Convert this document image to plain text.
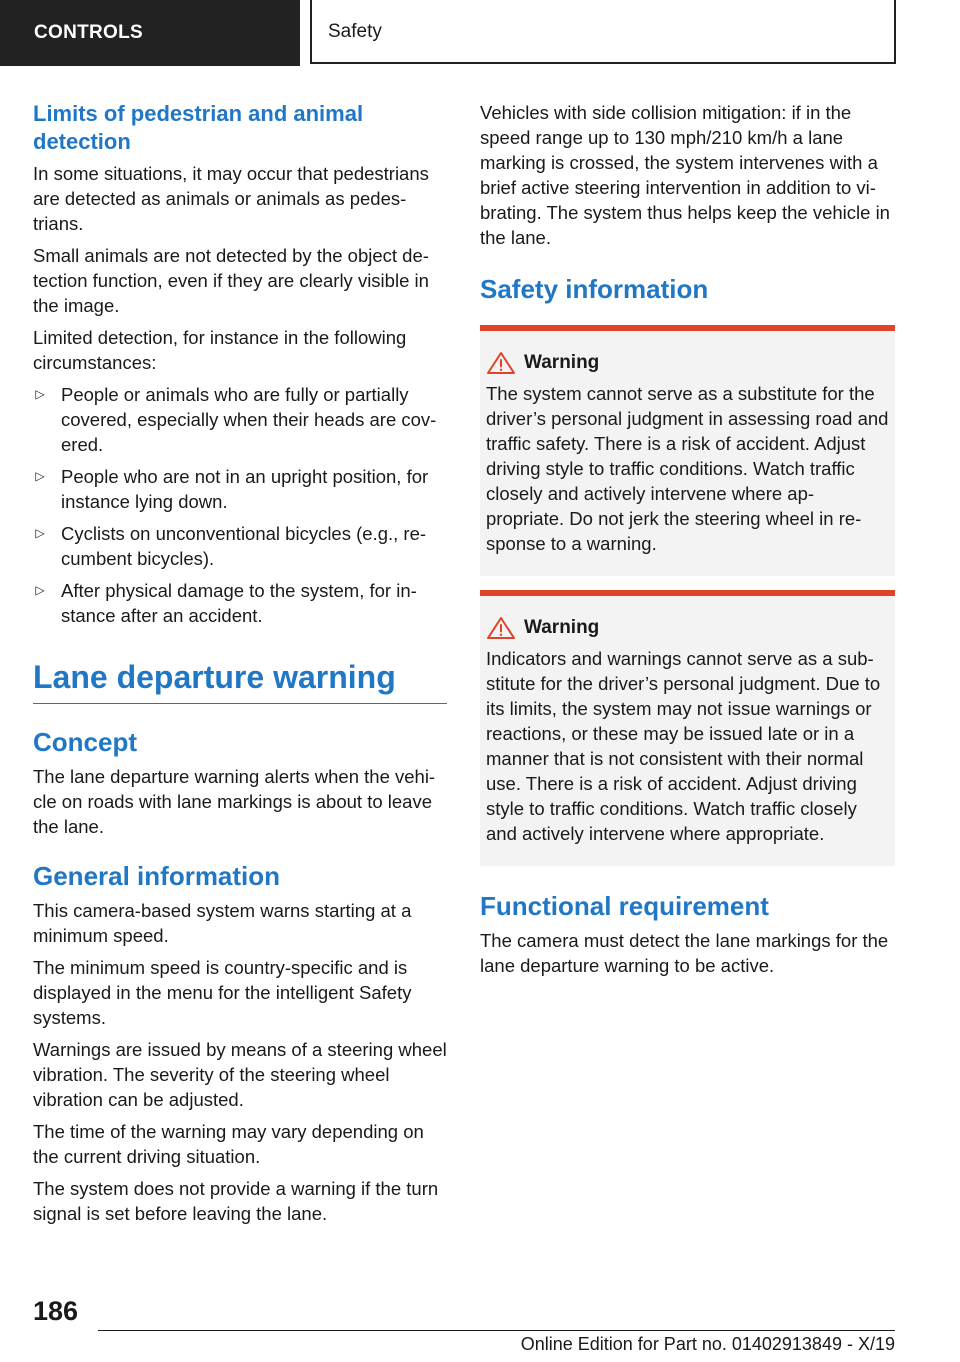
CONTROLS	Safety
Limits of pedestrian and animal detection

In some situations, it may occur that pedestrians are detected as animals or animals as pedes‐trians.

Small animals are not detected by the object de‐tection function, even if they are clearly visible in the image.

Limited detection, for instance in the following circumstances:

▷ People or animals who are fully or partially covered, especially when their heads are cov‐ered.
▷ People who are not in an upright position, for instance lying down.
▷ Cyclists on unconventional bicycles (e.g., re‐cumbent bicycles).
▷ After physical damage to the system, for in‐stance after an accident.
Lane departure warning
Concept

The lane departure warning alerts when the vehi‐cle on roads with lane markings is about to leave the lane.

General information

This camera-based system warns starting at a minimum speed.

The minimum speed is country-specific and is displayed in the menu for the intelligent Safety systems.

Warnings are issued by means of a steering wheel vibration. The severity of the steering wheel vibration can be adjusted.

The time of the warning may vary depending on the current driving situation.

The system does not provide a warning if the turn signal is set before leaving the lane.

Vehicles with side collision mitigation: if in the speed range up to 130 mph/210 km/h a lane marking is crossed, the system intervenes with a brief active steering intervention in addition to vi‐brating. The system thus helps keep the vehicle in the lane.

Safety information
Warning

The system cannot serve as a substitute for the driver’s personal judgment in assessing road and traffic safety. There is a risk of accident. Adjust driving style to traffic conditions. Watch traffic closely and actively intervene where ap‐propriate. Do not jerk the steering wheel in re‐sponse to a warning.

Warning

Indicators and warnings cannot serve as a sub‐stitute for the driver’s personal judgment. Due to its limits, the system may not issue warnings or reactions, or these may be issued late or in a manner that is not consistent with their normal use. There is a risk of accident. Adjust driving style to traffic conditions. Watch traffic closely and actively intervene where appropriate.

Functional requirement

The camera must detect the lane markings for the lane departure warning to be active.

186
Online Edition for Part no. 01402913849 - X/19
